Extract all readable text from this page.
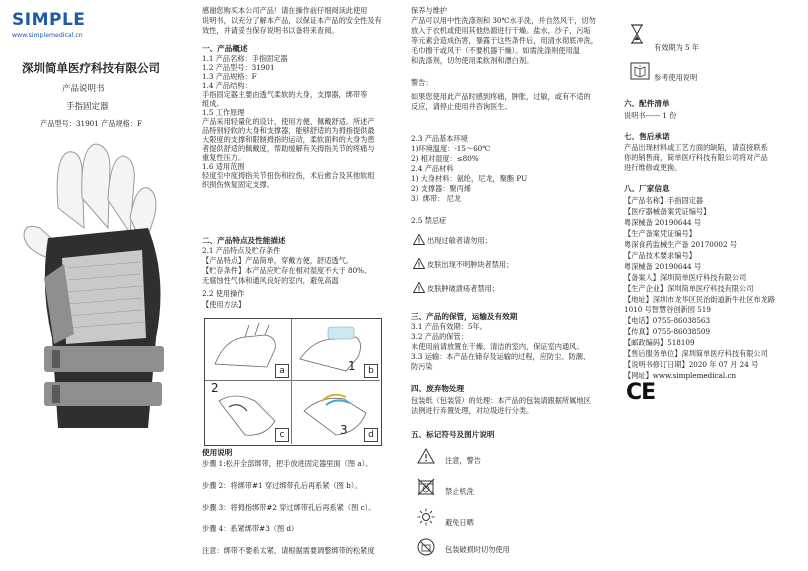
SIMPLE
www.simplemedical.cn
深圳简单医疗科技有限公司
产品说明书
手指固定器
产品型号：31901 产品规格：F
感谢您购买本公司产品！请在操作前仔细阅读此使用
说明书，以充分了解本产品，以保证本产品的安全性及有
效性，并请妥当保存说明书以备将来查阅。
一、产品概述
1.1 产品名称：手指固定器
1.2 产品型号：31901
1.3 产品规格：F
1.4 产品结构：
手指固定器主要由透气柔软的大身，支撑器，绑带等
组成。
1.5 工作原理
产品采用轻量化的设计，使用方便，佩戴舒适。所述产
品特别轻软的大身和支撑器，能够舒适的为拇指提供最
大限度的支撑和限制拇指的运动，柔软面料的大身为患
者提供舒适的佩戴度，帮助缓解有关拇指关节的疼痛与
重复性压力。
1.6 适用范围
轻度至中度拇指关节扭伤和拉伤，术后愈合及其他软组
织损伤恢复固定支撑。
二、产品特点及性能描述
2.1 产品特点及贮存条件
【产品特点】产品简单，穿戴方便，舒适透气。
【贮存条件】本产品应贮存在相对湿度不大于 80%、
无腐蚀性气体和通风良好的室内，避免高温
2.2 使用操作
【使用方法】
使用说明
步骤 1:松开全部绑带，把手放进固定器里面（图 a）。
步骤 2：将绑带#1 穿过绑带孔后再系紧（图 b）。
步骤 3：将拇指绑带#2 穿过绑带孔后再系紧（图 c）。
步骤 4：系紧绑带#3（图 d）
注意：绑带不要系太紧，请根据需要调整绑带的松紧度
a	1	b
2
c	3	d
保养与维护
产品可以用中性洗涤剂和 30℃水手洗，并自然风干，切勿
放入于衣机或使用其他热源进行干燥。盐水，沙子，污垢
等元素会造成伤害，暴露于这些条件后，用清水彻底冲洗，
毛巾擦干或风干（不要机器干燥）。如需洗涤则使用温
和洗涤剂，切勿使用柔软剂和漂白剂。
警告：
如果您使用此产品时感到疼痛，肿胀，过敏，或有不适的
反应，请停止使用并咨询医生。
2.3 产品基本环境
1)环境温度：-15～60℃
2) 相对湿度：≤80%
2.4 产品材料
1) 大身材料：氨纶，尼龙，聚酯 PU
2) 支撑器：聚丙烯
3）绑带： 尼龙
2.5 禁忌症
出现过敏者请勿用；
皮肤出现不明肿块者禁用；
皮肤肿破溃疡者禁用；
三、产品的保管，运输及有效期
3.1 产品有效期：5年。
3.2 产品的保管：
未使用前请放置在干燥、清洁的室内，保证室内通风。
3.3 运输：本产品在储存及运输的过程，应防尘、防潮、
防污染
四、废弃物处理
包装纸（包装袋）的处理：本产品的包装请跟据所属地区
法例进行弃置处理，对垃圾进行分类。
五、标记符号及图片说明
注意，警告
禁止机洗
避免日晒
包装破损时切勿使用
有效期为 5 年
i
参考使用说明
六、配件清单
说明书------ 1 份
七、售后承诺
产品出现材料或工艺方面的缺陷，请直接联系
你的销售商，简单医疗科技有限公司将对产品
进行维修或更换。
八、厂家信息
【产品名称】手指固定器
【医疗器械备案凭证编号】
粤深械备 20190644 号
【生产备案凭证编号】
粤深食药监械生产备 20170002 号
【产品技术要求编号】
粤深械备 20190644 号
【备案人】深圳简单医疗科技有限公司
【生产企业】深圳简单医疗科技有限公司
【地址】深圳市龙华区民治街道新牛社区布龙路
1010 号智慧谷创新园 519
【电话】0755-86038563
【传真】0755-86038509
【邮政编码】518109
【售后服务单位】深圳简单医疗科技有限公司
【说明书修订日期】2020 年 07 月 24 号
【网址】www.simplemedical.cn
CE
